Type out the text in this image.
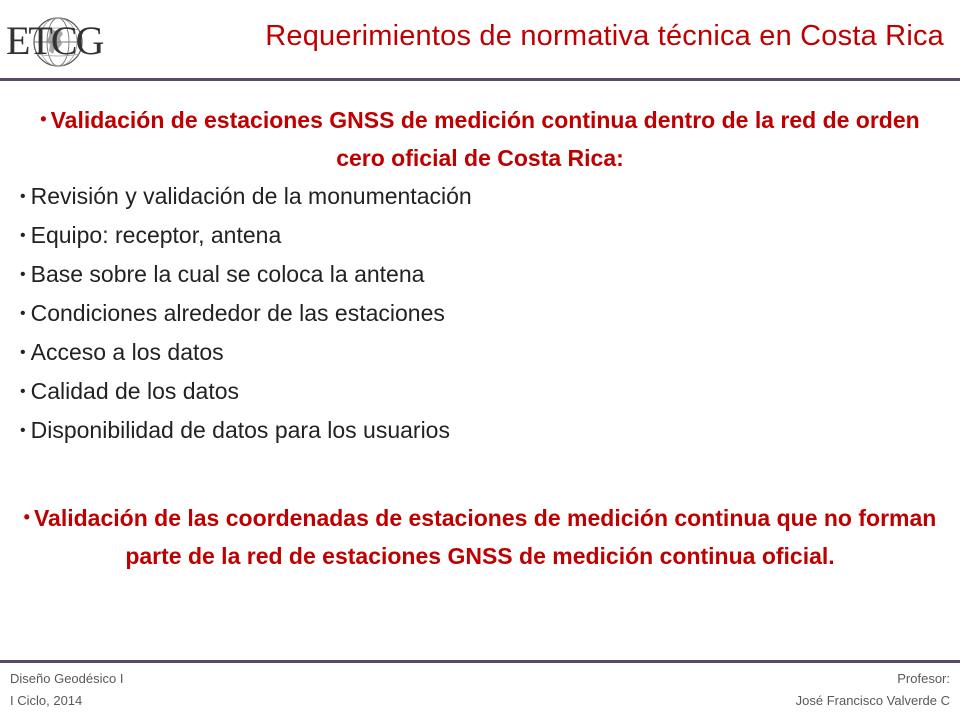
ETCG	Requerimientos de normativa técnica en Costa Rica

• Validación de estaciones GNSS de medición continua dentro de la red de orden cero oficial de Costa Rica:

• Revisión y validación de la monumentación
• Equipo: receptor, antena
• Base sobre la cual se coloca la antena
• Condiciones alrededor de las estaciones
• Acceso a los datos
• Calidad de los datos
• Disponibilidad de datos para los usuarios

• Validación de las coordenadas de estaciones de medición continua que no forman parte de la red de estaciones GNSS de medición continua oficial.

Diseño Geodésico I
I Ciclo, 2014
Profesor:
José Francisco Valverde C
